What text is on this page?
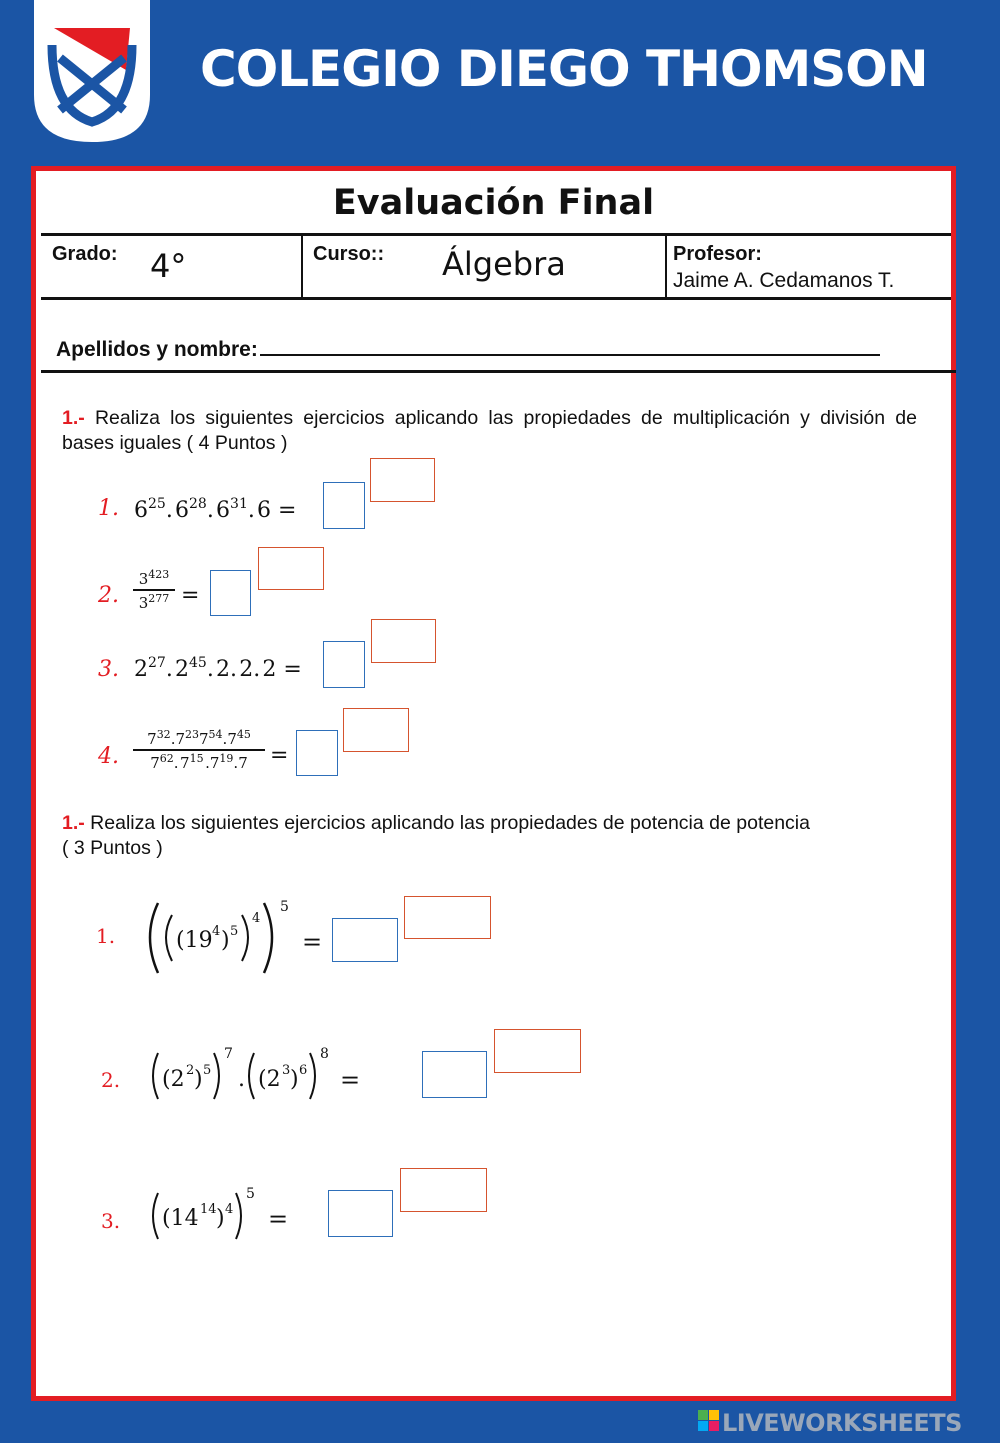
COLEGIO DIEGO THOMSON
Evaluación Final
Grado: 4°	Curso:: Álgebra	Profesor:
Jaime A. Cedamanos T.
Apellidos y nombre:
1.- Realiza los siguientes ejercicios aplicando las propiedades de multiplicación y división de bases iguales ( 4 Puntos )
1. $6^{25}$. $6^{28}$. $6^{31}$. 6 =
2.
$3^{423}$
$3^{277}$ =
3. $2^{27}$. $2^{45}$. 2. 2. 2 =
4.
$7^{32}.7^{23}7^{54}.7^{45}$
$7^{62}$. $7^{15}$ $.7^{19}.7$	=
1.- Realiza los siguientes ejercicios aplicando las propiedades de potencia de potencia
( 3 Puntos )
1.	(19 4 ) 5
4
5
=
2. (2 2 ) 5
7
. (2 3 ) 6
8
=
3. (14 14 ) 4
5
=
LIVEWORKSHEETS
